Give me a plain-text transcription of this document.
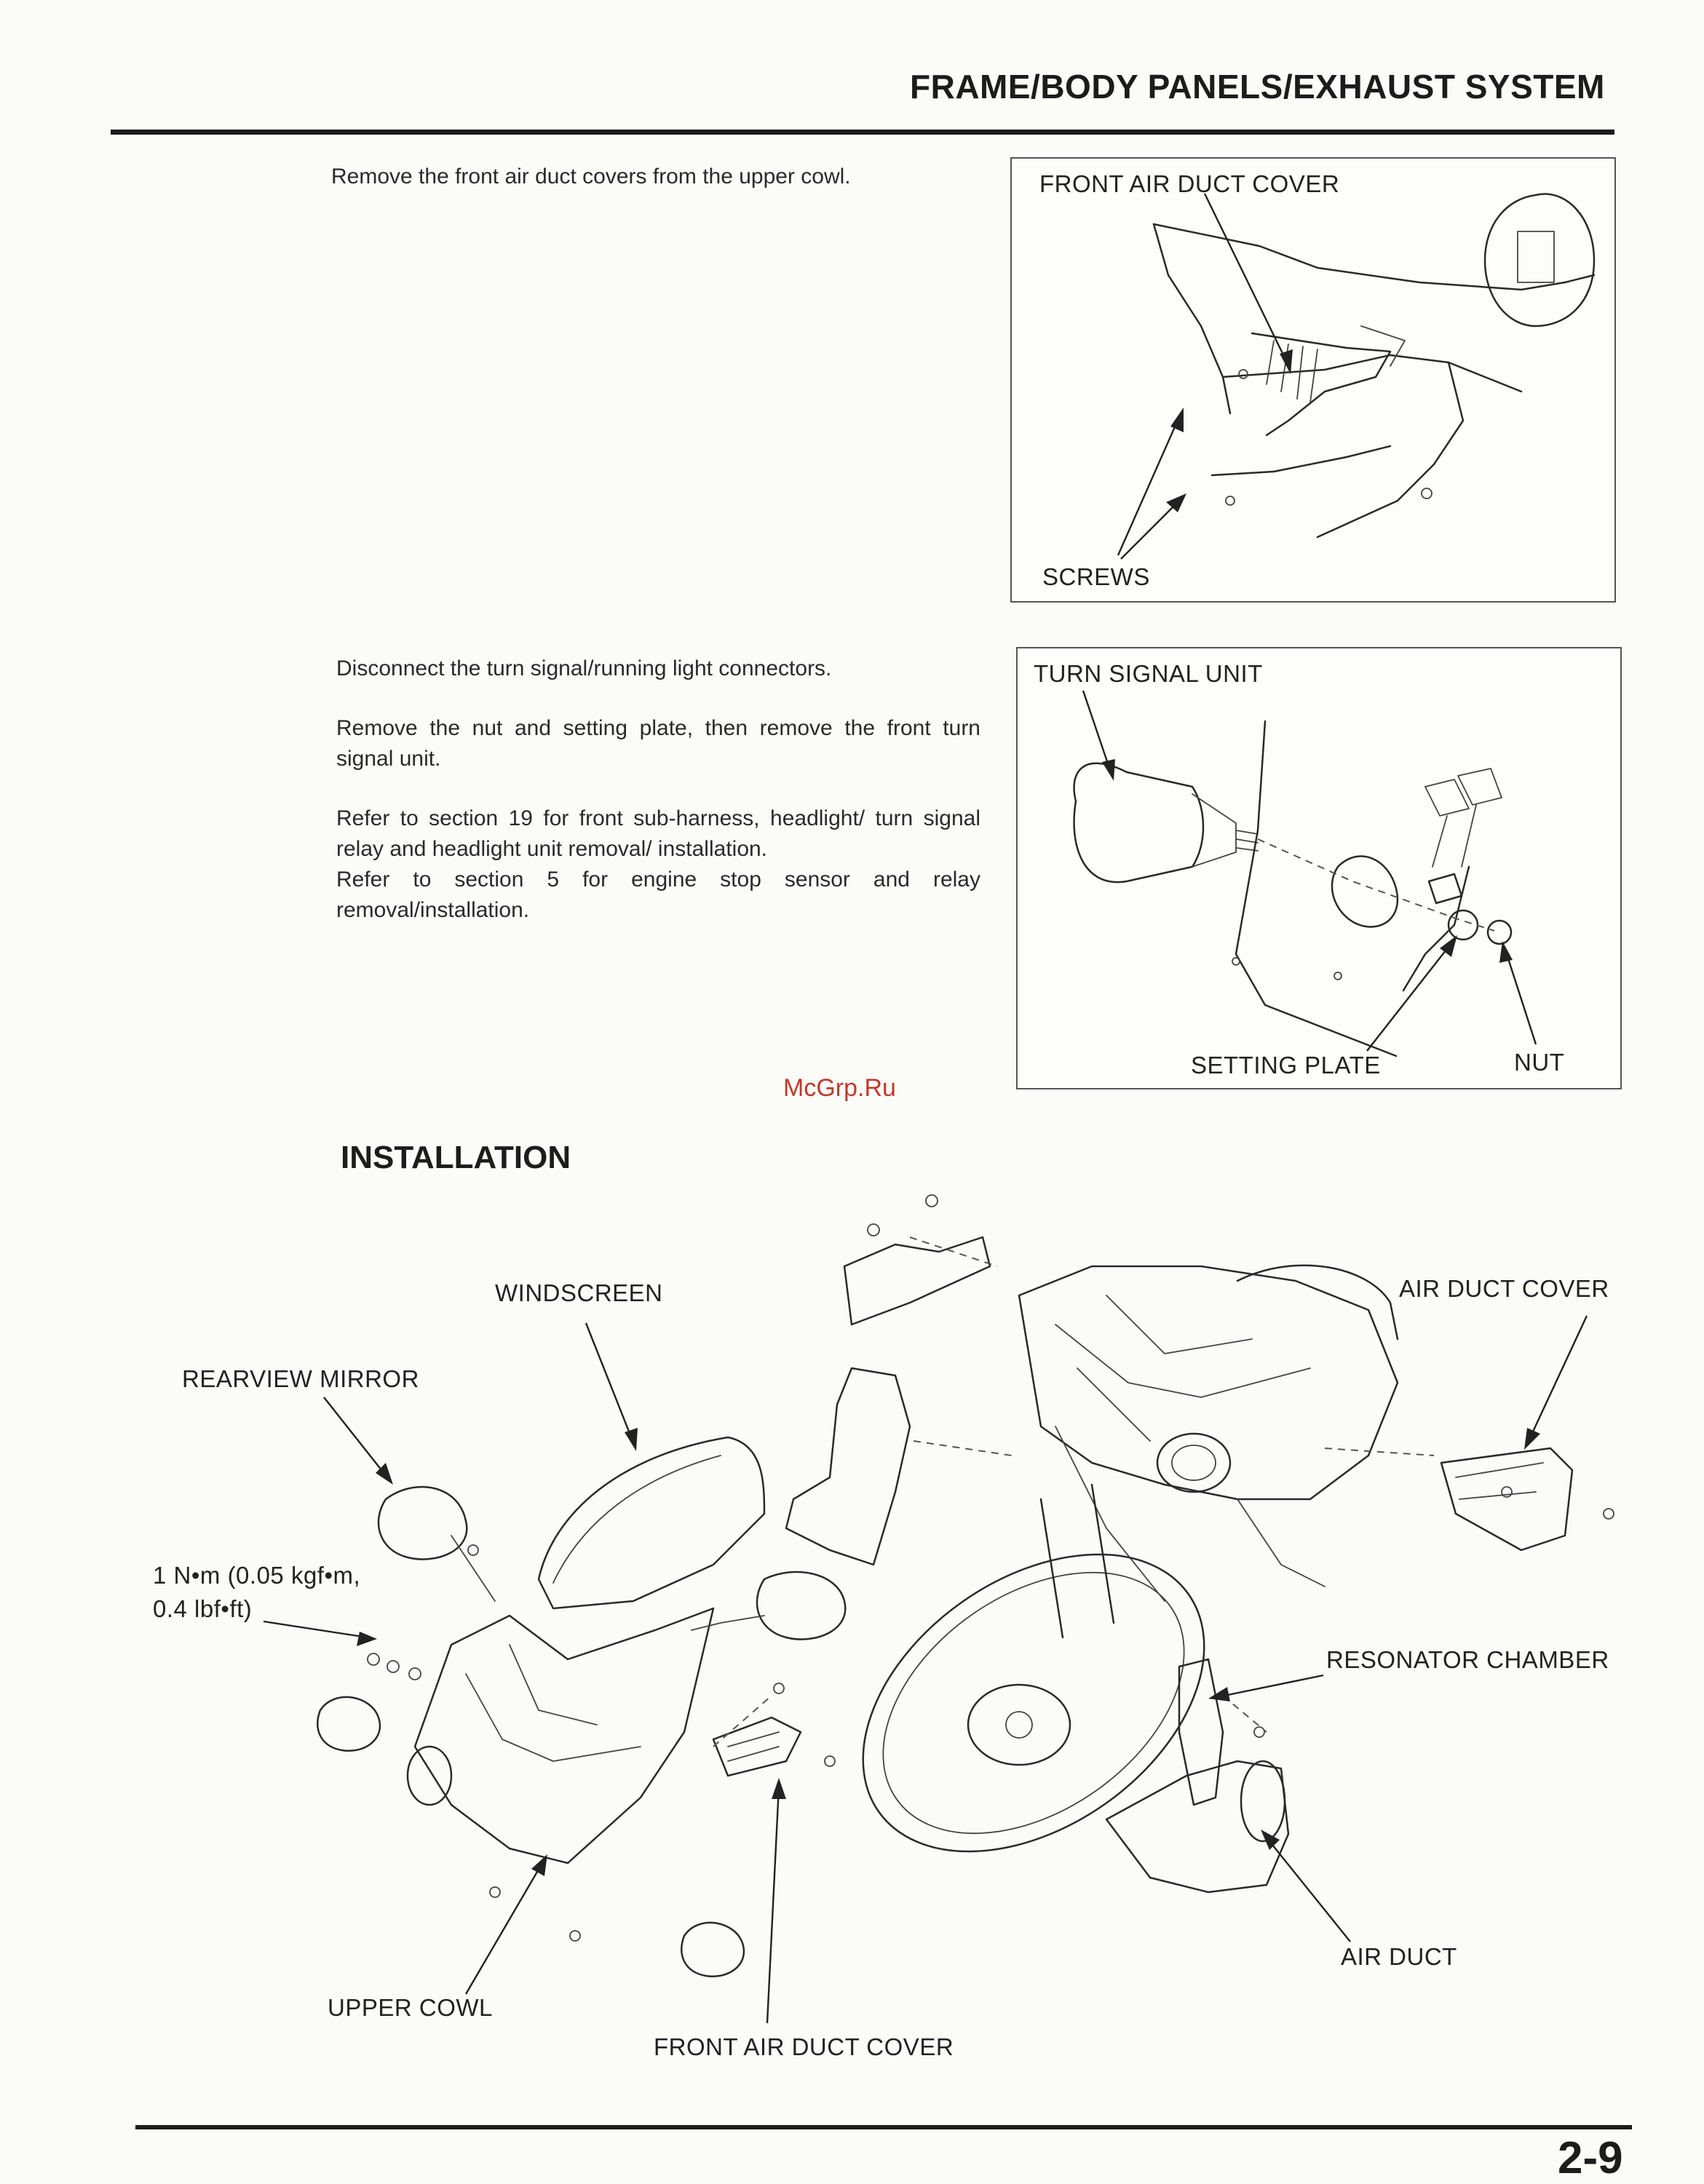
FRAME/BODY PANELS/EXHAUST SYSTEM

Remove the front air duct covers from the upper cowl.	FRONT AIR DUCT COVER
SCREWS

Disconnect the turn signal/running light connectors.

Remove the nut and setting plate, then remove the front turn signal unit.

Refer to section 19 for front sub-harness, headlight/ turn signal relay and headlight unit removal/ installation.

Refer to section 5 for engine stop sensor and relay removal/installation.

TURN SIGNAL UNIT
SETTING PLATE	NUT
McGrp.Ru
INSTALLATION
WINDSCREEN
REARVIEW MIRROR
1 N•m (0.05 kgf•m,
0.4 lbf•ft)
UPPER COWL
FRONT AIR DUCT COVER
AIR DUCT COVER
RESONATOR CHAMBER
AIR DUCT
2-9
